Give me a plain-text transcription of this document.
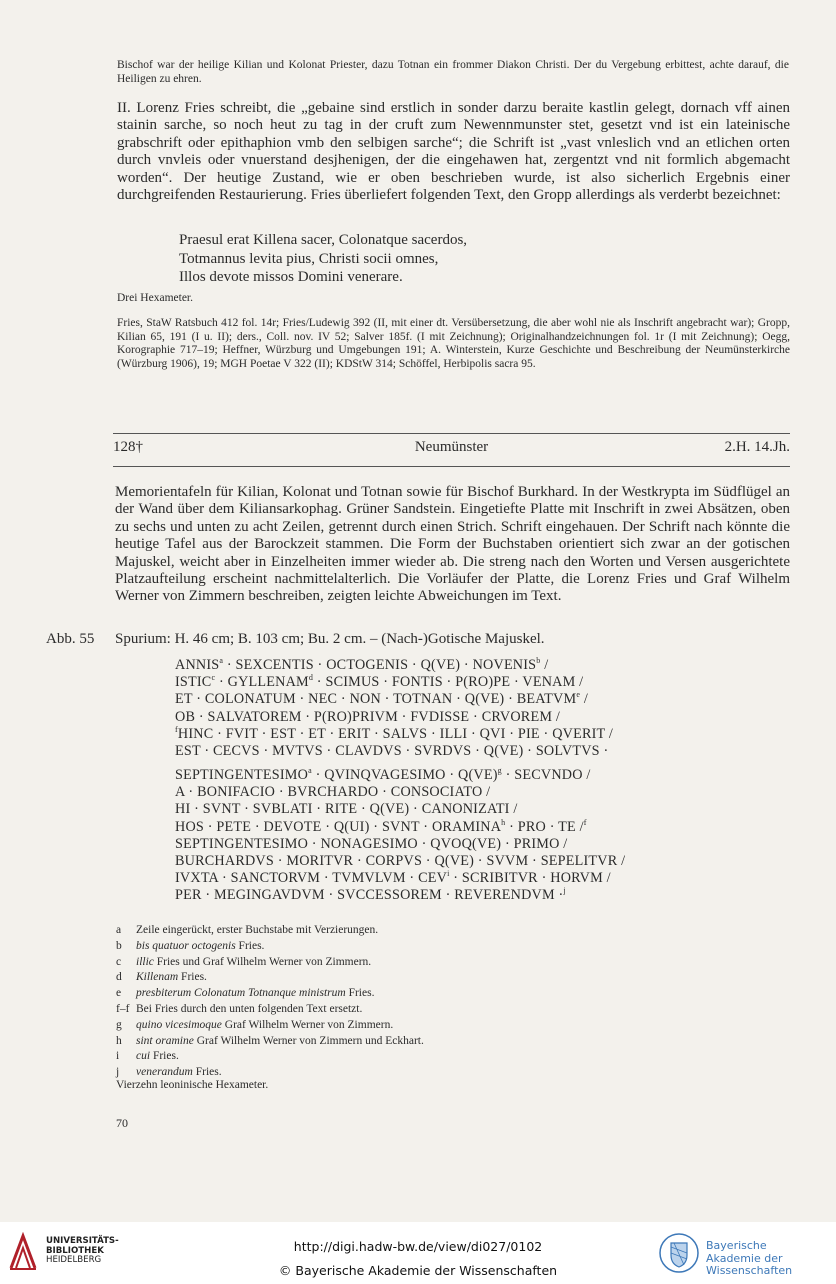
Bischof war der heilige Kilian und Kolonat Priester, dazu Totnan ein frommer Diakon Christi. Der du Vergebung erbittest, achte darauf, die Heiligen zu ehren.
II. Lorenz Fries schreibt, die „gebaine sind erstlich in sonder darzu beraite kastlin gelegt, dornach vff ainen stainin sarche, so noch heut zu tag in der cruft zum Newennmunster stet, gesetzt vnd ist ein lateinische grabschrift oder epithaphion vmb den selbigen sarche“; die Schrift ist „vast vnleslich vnd an etlichen orten durch vnvleis oder vnuerstand desjhenigen, der die eingehawen hat, zergentzt vnd nit formlich abgemacht worden“. Der heutige Zustand, wie er oben beschrieben wurde, ist also sicherlich Ergebnis einer durchgreifenden Restaurierung. Fries überliefert folgenden Text, den Gropp allerdings als verderbt bezeichnet:
Praesul erat Killena sacer, Colonatque sacerdos,
Totmannus levita pius, Christi socii omnes,
Illos devote missos Domini venerare.
Drei Hexameter.
Fries, StaW Ratsbuch 412 fol. 14r; Fries/Ludewig 392 (II, mit einer dt. Versübersetzung, die aber wohl nie als Inschrift angebracht war); Gropp, Kilian 65, 191 (I u. II); ders., Coll. nov. IV 52; Salver 185f. (I mit Zeichnung); Originalhandzeichnungen fol. 1r (I mit Zeichnung); Oegg, Korographie 717–19; Heffner, Würzburg und Umgebungen 191; A. Winterstein, Kurze Geschichte und Beschreibung der Neumünsterkirche (Würzburg 1906), 19; MGH Poetae V 322 (II); KDStW 314; Schöffel, Herbipolis sacra 95.
128†	Neumünster	2.H. 14.Jh.
Memorientafeln für Kilian, Kolonat und Totnan sowie für Bischof Burkhard. In der Westkrypta im Südflügel an der Wand über dem Kiliansarkophag. Grüner Sandstein. Eingetiefte Platte mit Inschrift in zwei Absätzen, oben zu sechs und unten zu acht Zeilen, getrennt durch einen Strich. Schrift eingehauen. Der Schrift nach könnte die heutige Tafel aus der Barockzeit stammen. Die Form der Buchstaben orientiert sich zwar an der gotischen Majuskel, weicht aber in Einzelheiten immer wieder ab. Die streng nach den Worten und Versen ausgerichtete Platzaufteilung erscheint nachmittelalterlich. Die Vorläufer der Platte, die Lorenz Fries und Graf Wilhelm Werner von Zimmern beschreiben, zeigten leichte Abweichungen im Text.
Abb. 55 Spurium: H. 46 cm; B. 103 cm; Bu. 2 cm. – (Nach-)Gotische Majuskel.
$ANNIS^a$ · SEXCENTIS · OCTOGENIS · $Q(VE) \cdot NOVENIS^b$ /
$ISTIC^c$ · $GYLLENAM^d$ · SCIMUS · FONTIS · P(RO)PE · VENAM /
ET · COLONATUM · NEC · NON · TOTNAN · $Q(VE) \cdot BEATVM^e$ /
OB · SALVATOREM · P(RO)PRIVM · FVDISSE · CRVOREM /
$^f$HINC · FVIT · EST · ET · ERIT · SALVS · ILLI · QVI · PIE · QVERIT /
EST · CECVS · MVTVS · CLAVDVS · SVRDVS · Q(VE) · SOLVTVS ·
$SEPTINGENTESIMO^a$ · QVINQVAGESIMO · Q(VE)$^g$ · SECVNDO /
A · BONIFACIO · BVRCHARDO · CONSOCIATO /
HI · SVNT · SVBLATI · RITE · Q(VE) · CANONIZATI /
HOS · PETE · DEVOTE · Q(UI) · SVNT · $ORAMINA^h$ · PRO · TE /$^f$
SEPTINGENTESIMO · NONAGESIMO · QVOQ(VE) · PRIMO /
BURCHARDVS · MORITVR · CORPVS · Q(VE) · SVVM · SEPELITVR /
IVXTA · SANCTORVM · TVMVLVM · $CEV^i$ · SCRIBITVR · HORVM /
PER · MEGINGAVDVM · SVCCESSOREM · REVERENDVM ·$^j$
a	Zeile eingerückt, erster Buchstabe mit Verzierungen.
b	bis quatuor octogenis Fries.
c	illic Fries und Graf Wilhelm Werner von Zimmern.
d	Killenam Fries.
e	presbiterum Colonatum Totnanque ministrum Fries.
f–f Bei Fries durch den unten folgenden Text ersetzt.
g	quino vicesimoque Graf Wilhelm Werner von Zimmern.
h	sint oramine Graf Wilhelm Werner von Zimmern und Eckhart.
i	cui Fries.
j	venerandum Fries.
Vierzehn leoninische Hexameter.
70
UNIVERSITÄTS-
BIBLIOTHEK
HEIDELBERG
http://digi.hadw-bw.de/view/di027/0102
© Bayerische Akademie der Wissenschaften
Bayerische
Akademie der Wissenschaften
